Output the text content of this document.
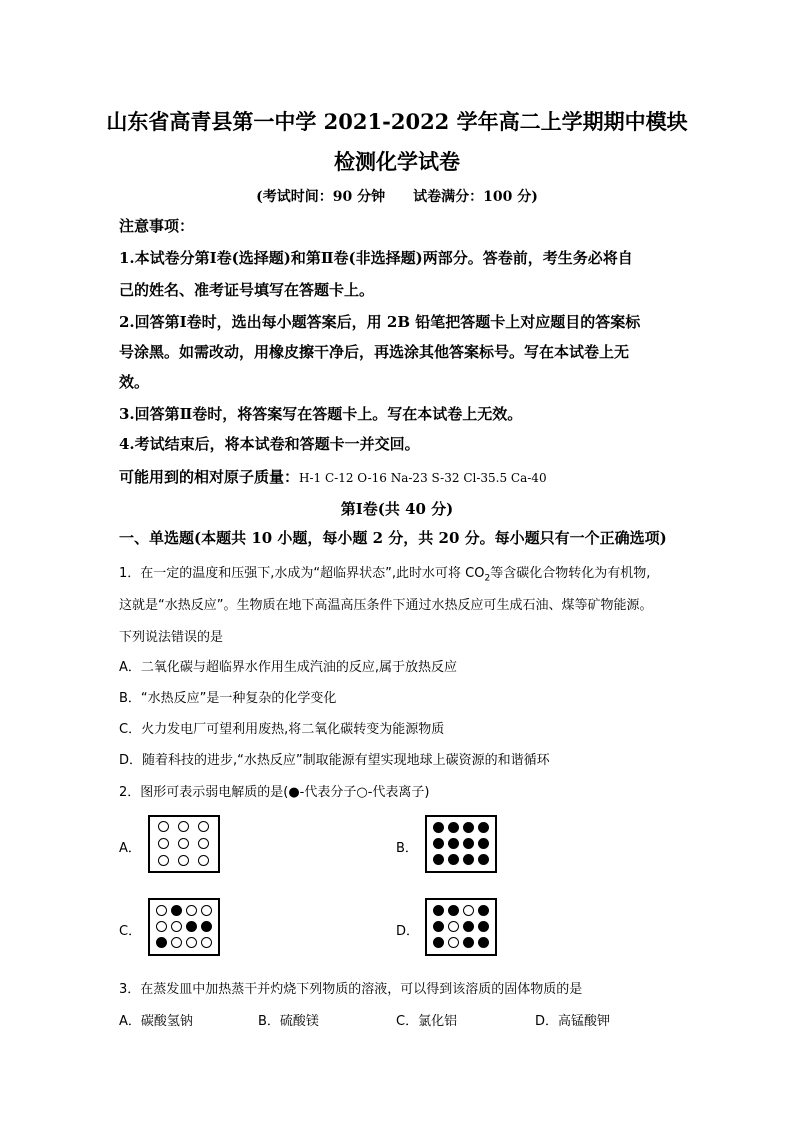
山东省高青县第一中学 2021-2022 学年高二上学期期中模块
检测化学试卷
(考试时间：90 分钟 试卷满分：100 分)
注意事项：
1.本试卷分第Ⅰ卷(选择题)和第Ⅱ卷(非选择题)两部分。答卷前，考生务必将自
己的姓名、准考证号填写在答题卡上。
2.回答第Ⅰ卷时，选出每小题答案后，用 2B 铅笔把答题卡上对应题目的答案标
号涂黑。如需改动，用橡皮擦干净后，再选涂其他答案标号。写在本试卷上无
效。
3.回答第Ⅱ卷时，将答案写在答题卡上。写在本试卷上无效。
4.考试结束后，将本试卷和答题卡一并交回。
可能用到的相对原子质量：H-1 C-12 O-16 Na-23 S-32 Cl-35.5 Ca-40
第Ⅰ卷(共 40 分)
一、单选题(本题共 10 小题，每小题 2 分，共 20 分。每小题只有一个正确选项)
1．在一定的温度和压强下,水成为“超临界状态”,此时水可将 $CO_2$等含碳化合物转化为有机物,
这就是“水热反应”。生物质在地下高温高压条件下通过水热反应可生成石油、煤等矿物能源。
下列说法错误的是
A．二氧化碳与超临界水作用生成汽油的反应,属于放热反应
B．“水热反应”是一种复杂的化学变化
C．火力发电厂可望利用废热,将二氧化碳转变为能源物质
D．随着科技的进步,“水热反应”制取能源有望实现地球上碳资源的和谐循环
2．图形可表示弱电解质的是(●-代表分子○-代表离子)
A．	B．
C．	D．
3．在蒸发皿中加热蒸干并灼烧下列物质的溶液，可以得到该溶质的固体物质的是
A．碳酸氢钠	B．硫酸镁	C．氯化铝	D．高锰酸钾
